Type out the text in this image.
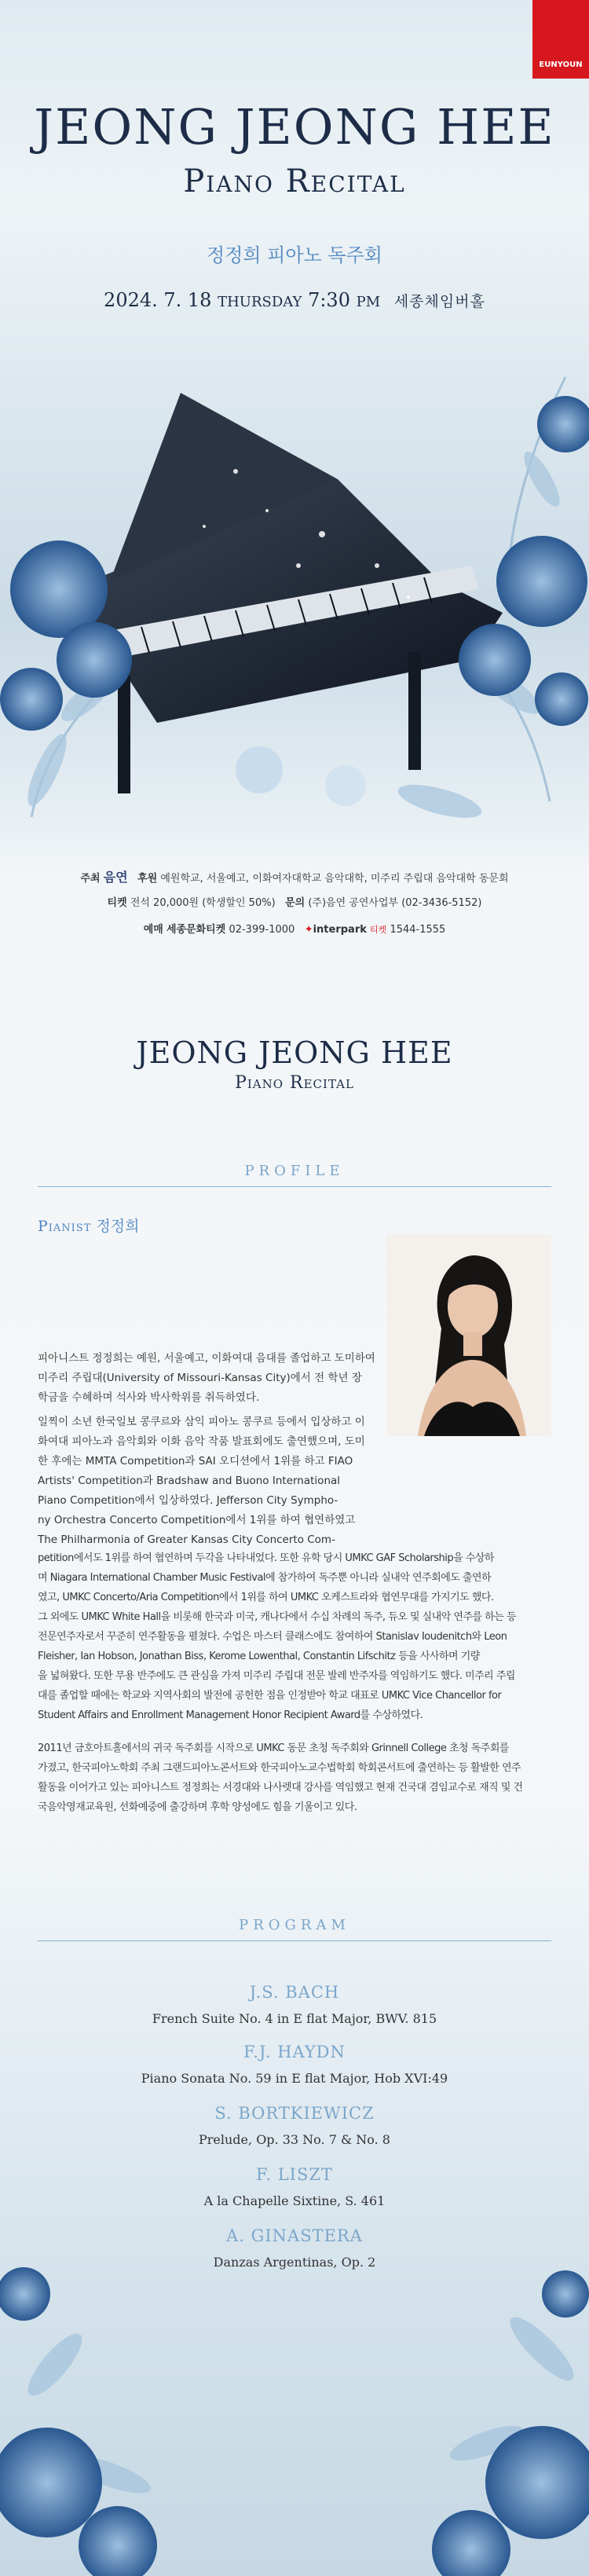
EUNYOUN
JEONG JEONG HEE
Piano Recital
정정희 피아노 독주회
2024. 7. 18 THURSDAY 7:30 PM 세종체임버홀
주최 음연 후원 예원학교, 서울예고, 이화여자대학교 음악대학, 미주리 주립대 음악대학 동문회
티켓 전석 20,000원 (학생할인 50%) 문의 (주)음연 공연사업부 (02-3436-5152)
예매 세종문화티켓 02-399-1000 ✦interpark 티켓 1544-1555
JEONG JEONG HEE
Piano Recital
PROFILE
Pianist 정정희
피아니스트 정정희는 예원, 서울예고, 이화여대 음대를 졸업하고 도미하여
미주리 주립대(University of Missouri-Kansas City)에서 전 학년 장
학금을 수혜하며 석사와 박사학위를 취득하였다.
일찍이 소년 한국일보 콩쿠르와 삼익 피아노 콩쿠르 등에서 입상하고 이
화여대 피아노과 음악회와 이화 음악 작품 발표회에도 출연했으며, 도미
한 후에는 MMTA Competition과 SAI 오디션에서 1위를 하고 FIAO
Artists' Competition과 Bradshaw and Buono International
Piano Competition에서 입상하였다. Jefferson City Sympho-
ny Orchestra Concerto Competition에서 1위를 하여 협연하였고
The Philharmonia of Greater Kansas City Concerto Com-
petition에서도 1위를 하여 협연하며 두각을 나타내었다. 또한 유학 당시 UMKC GAF Scholarship을 수상하
며 Niagara International Chamber Music Festival에 참가하여 독주뿐 아니라 실내악 연주회에도 출연하
였고, UMKC Concerto/Aria Competition에서 1위를 하여 UMKC 오케스트라와 협연무대를 가지기도 했다.
그 외에도 UMKC White Hall을 비롯해 한국과 미국, 캐나다에서 수십 차례의 독주, 듀오 및 실내악 연주를 하는 등
전문연주자로서 꾸준히 연주활동을 펼쳤다. 수업은 마스터 클래스에도 참여하여 Stanislav Ioudenitch와 Leon
Fleisher, Ian Hobson, Jonathan Biss, Kerome Lowenthal, Constantin Lifschitz 등을 사사하며 기량
을 넓혀왔다. 또한 무용 반주에도 큰 관심을 가져 미주리 주립대 전문 발레 반주자를 역임하기도 했다. 미주리 주립
대를 졸업할 때에는 학교와 지역사회의 발전에 공헌한 점을 인정받아 학교 대표로 UMKC Vice Chancellor for
Student Affairs and Enrollment Management Honor Recipient Award를 수상하였다.
2011년 금호아트홀에서의 귀국 독주회를 시작으로 UMKC 동문 초청 독주회와 Grinnell College 초청 독주회를
가졌고, 한국피아노학회 주최 그랜드피아노콘서트와 한국피아노교수법학회 학회콘서트에 출연하는 등 활발한 연주
활동을 이어가고 있는 피아니스트 정정희는 서경대와 나사렛대 강사를 역임했고 현재 건국대 겸임교수로 재직 및 건
국음악영재교육원, 선화예중에 출강하며 후학 양성에도 힘을 기울이고 있다.
PROGRAM
J.S. BACH
French Suite No. 4 in E flat Major, BWV. 815
F.J. HAYDN
Piano Sonata No. 59 in E flat Major, Hob XVI:49
S. BORTKIEWICZ
Prelude, Op. 33 No. 7 & No. 8
F. LISZT
A la Chapelle Sixtine, S. 461
A. GINASTERA
Danzas Argentinas, Op. 2
